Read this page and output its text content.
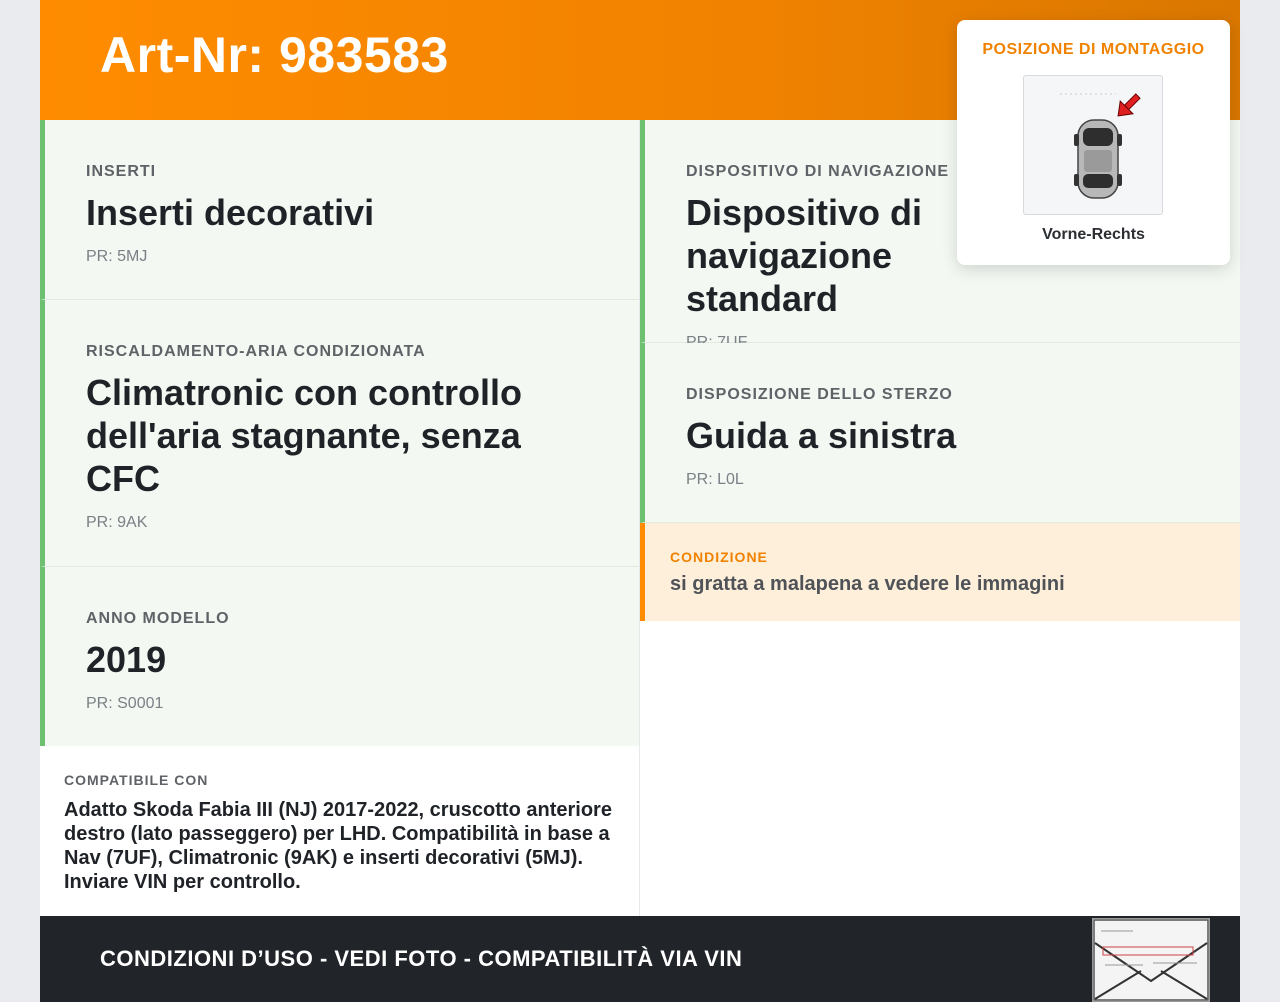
Art-Nr: 983583
INSERTI
Inserti decorativi
PR: 5MJ
RISCALDAMENTO-ARIA CONDIZIONATA
Climatronic con controllo dell'aria stagnante, senza CFC
PR: 9AK
ANNO MODELLO
2019
PR: S0001
DISPOSITIVO DI NAVIGAZIONE
Dispositivo di navigazione standard
DISPOSIZIONE DELLO STERZO
Guida a sinistra
PR: L0L
CONDIZIONE
si gratta a malapena a vedere le immagini
COMPATIBILE CON
Adatto Skoda Fabia III (NJ) 2017-2022, cruscotto anteriore destro (lato passeggero) per LHD. Compatibilità in base a Nav (7UF), Climatronic (9AK) e inserti decorativi (5MJ). Inviare VIN per controllo.
CONDIZIONI D’USO - VEDI FOTO - COMPATIBILITÀ VIA VIN
POSIZIONE DI MONTAGGIO
Vorne-Rechts
